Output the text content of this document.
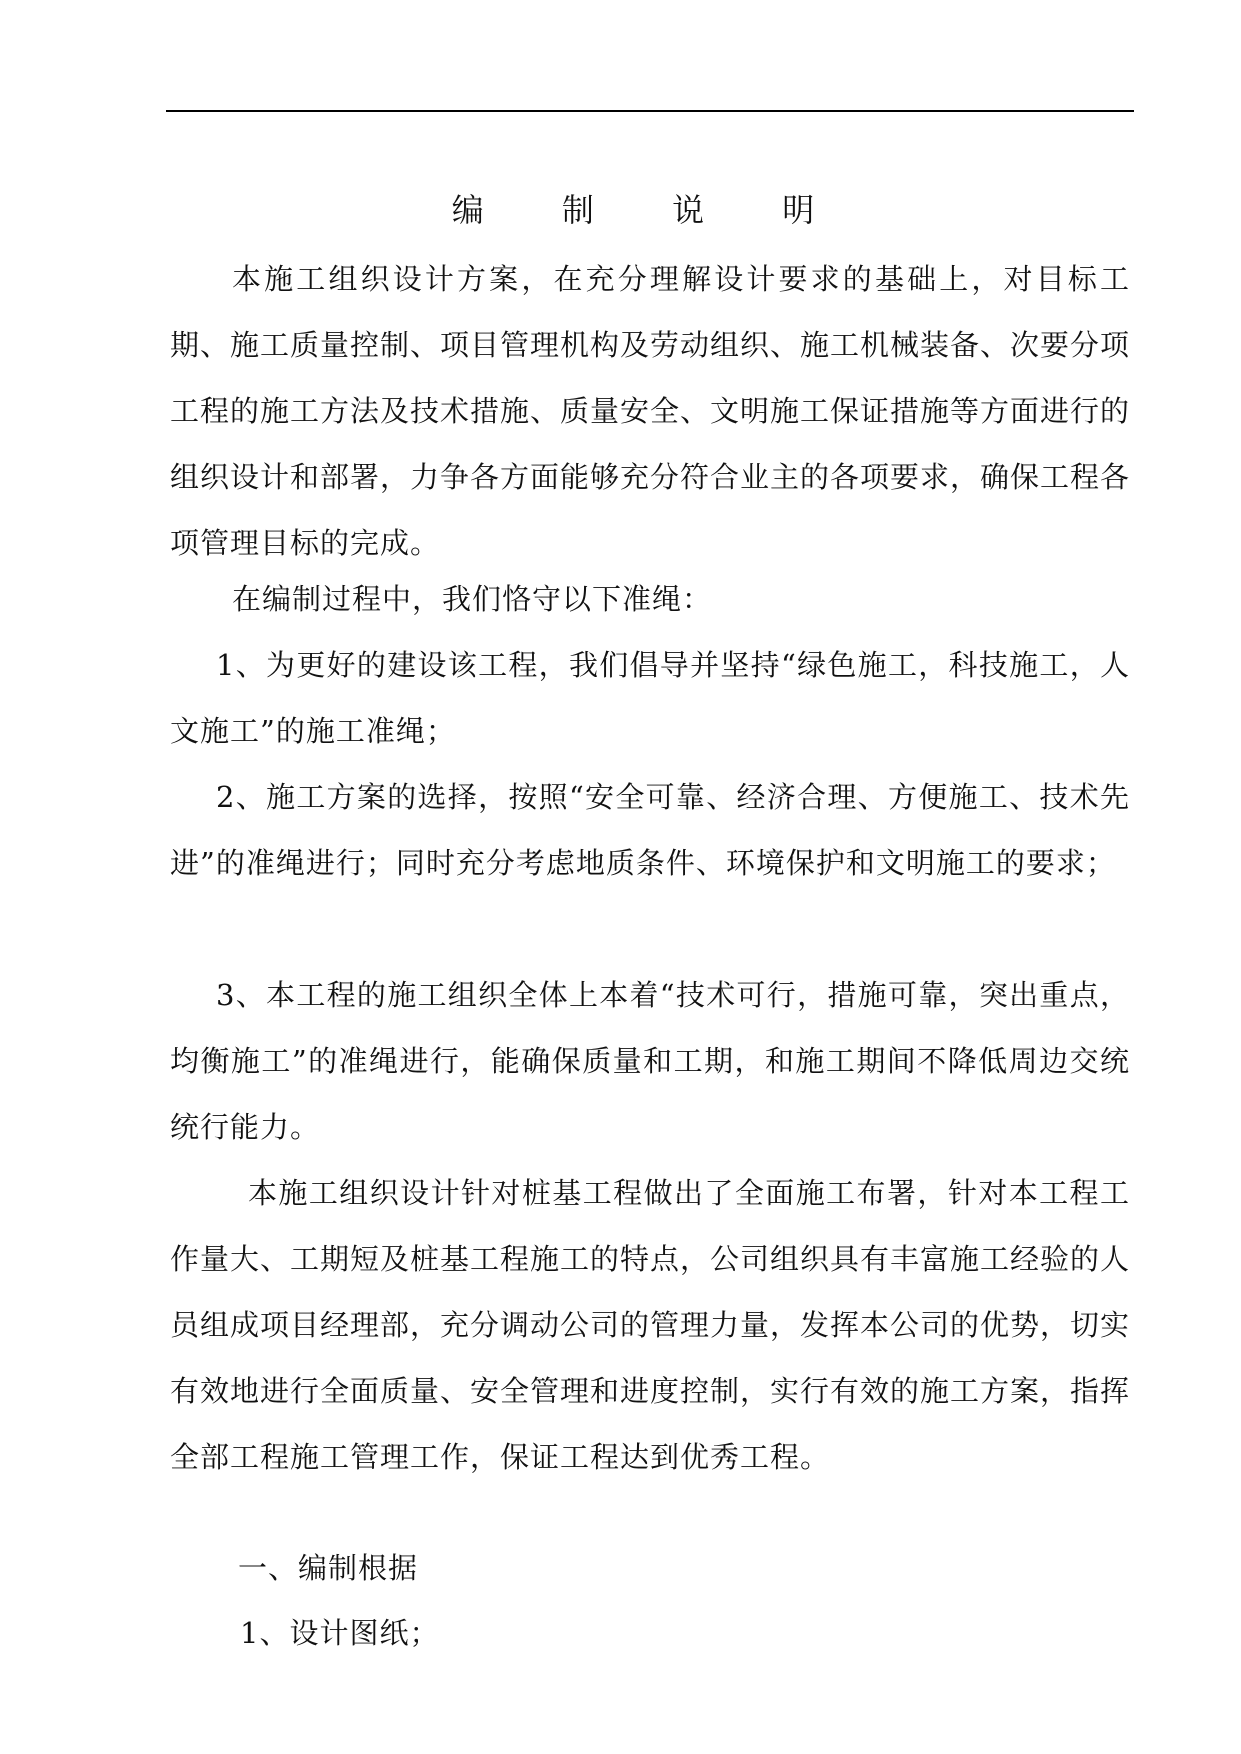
编 制 说 明
本施工组织设计方案，在充分理解设计要求的基础上，对目标工期、施工质量控制、项目管理机构及劳动组织、施工机械装备、次要分项工程的施工方法及技术措施、质量安全、文明施工保证措施等方面进行的组织设计和部署，力争各方面能够充分符合业主的各项要求，确保工程各项管理目标的完成。
在编制过程中，我们恪守以下准绳：
1、为更好的建设该工程，我们倡导并坚持“绿色施工，科技施工，人文施工”的施工准绳；
2、施工方案的选择，按照“安全可靠、经济合理、方便施工、技术先进”的准绳进行；同时充分考虑地质条件、环境保护和文明施工的要求；
3、本工程的施工组织全体上本着“技术可行，措施可靠，突出重点，均衡施工”的准绳进行，能确保质量和工期，和施工期间不降低周边交统统行能力。
本施工组织设计针对桩基工程做出了全面施工布署，针对本工程工作量大、工期短及桩基工程施工的特点，公司组织具有丰富施工经验的人员组成项目经理部，充分调动公司的管理力量，发挥本公司的优势，切实有效地进行全面质量、安全管理和进度控制，实行有效的施工方案，指挥全部工程施工管理工作，保证工程达到优秀工程。
一、编制根据
1、设计图纸；
